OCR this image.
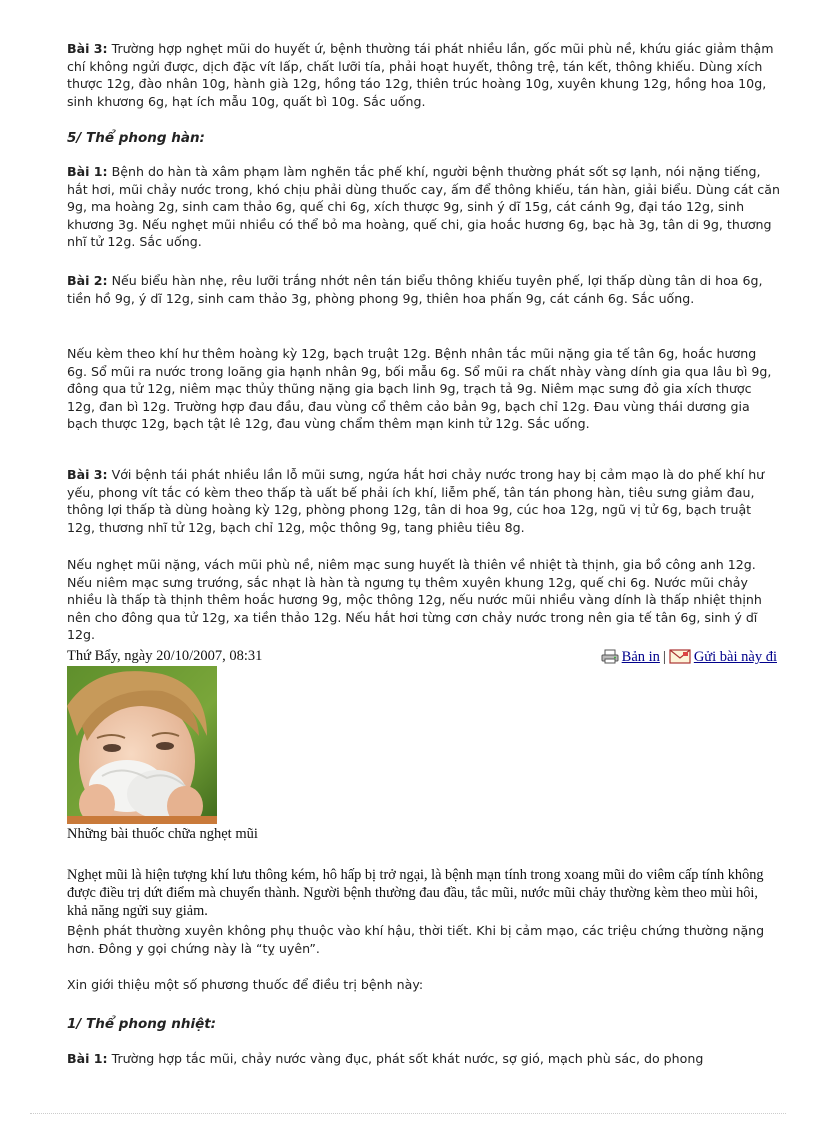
Bài 3: Trường hợp nghẹt mũi do huyết ứ, bệnh thường tái phát nhiều lần, gốc mũi phù nề, khứu giác giảm thậm chí không ngửi được, dịch đặc vít lấp, chất lưỡi tía, phải hoạt huyết, thông trệ, tán kết, thông khiếu. Dùng xích thược 12g, đào nhân 10g, hành già 12g, hồng táo 12g, thiên trúc hoàng 10g, xuyên khung 12g, hồng hoa 10g, sinh khương 6g, hạt ích mẫu 10g, quất bì 10g. Sắc uống.

5/ Thể phong hàn:

Bài 1: Bệnh do hàn tà xâm phạm làm nghẽn tắc phế khí, người bệnh thường phát sốt sợ lạnh, nói nặng tiếng, hắt hơi, mũi chảy nước trong, khó chịu phải dùng thuốc cay, ấm để thông khiếu, tán hàn, giải biểu. Dùng cát căn 9g, ma hoàng 2g, sinh cam thảo 6g, quế chi 6g, xích thược 9g, sinh ý dĩ 15g, cát cánh 9g, đại táo 12g, sinh khương 3g. Nếu nghẹt mũi nhiều có thể bỏ ma hoàng, quế chi, gia hoắc hương 6g, bạc hà 3g, tân di 9g, thương nhĩ tử 12g. Sắc uống.

Bài 2: Nếu biểu hàn nhẹ, rêu lưỡi trắng nhớt nên tán biểu thông khiếu tuyên phế, lợi thấp dùng tân di hoa 6g, tiền hồ 9g, ý dĩ 12g, sinh cam thảo 3g, phòng phong 9g, thiên hoa phấn 9g, cát cánh 6g. Sắc uống.

Nếu kèm theo khí hư thêm hoàng kỳ 12g, bạch truật 12g. Bệnh nhân tắc mũi nặng gia tế tân 6g, hoắc hương 6g. Sổ mũi ra nước trong loãng gia hạnh nhân 9g, bối mẫu 6g. Sổ mũi ra chất nhày vàng dính gia qua lâu bì 9g, đông qua tử 12g, niêm mạc thủy thũng nặng gia bạch linh 9g, trạch tả 9g. Niêm mạc sưng đỏ gia xích thược 12g, đan bì 12g. Trường hợp đau đầu, đau vùng cổ thêm cảo bản 9g, bạch chỉ 12g. Đau vùng thái dương gia bạch thược 12g, bạch tật lê 12g, đau vùng chẩm thêm mạn kinh tử 12g. Sắc uống.

Bài 3: Với bệnh tái phát nhiều lần lỗ mũi sưng, ngứa hắt hơi chảy nước trong hay bị cảm mạo là do phế khí hư yếu, phong vít tắc có kèm theo thấp tà uất bế phải ích khí, liễm phế, tân tán phong hàn, tiêu sưng giảm đau, thông lợi thấp tà dùng hoàng kỳ 12g, phòng phong 12g, tân di hoa 9g, cúc hoa 12g, ngũ vị tử 6g, bạch truật 12g, thương nhĩ tử 12g, bạch chỉ 12g, mộc thông 9g, tang phiêu tiêu 8g.

Nếu nghẹt mũi nặng, vách mũi phù nề, niêm mạc sung huyết là thiên về nhiệt tà thịnh, gia bồ công anh 12g. Nếu niêm mạc sưng trướng, sắc nhạt là hàn tà ngưng tụ thêm xuyên khung 12g, quế chi 6g. Nước mũi chảy nhiều là thấp tà thịnh thêm hoắc hương 9g, mộc thông 12g, nếu nước mũi nhiều vàng dính là thấp nhiệt thịnh nên cho đông qua tử 12g, xa tiền thảo 12g. Nếu hắt hơi từng cơn chảy nước trong nên gia tế tân 6g, sinh ý dĩ 12g.

Thứ Bẩy, ngày 20/10/2007, 08:31	Bản in | Gửi bài này đi
Những bài thuốc chữa nghẹt mũi
Nghẹt mũi là hiện tượng khí lưu thông kém, hô hấp bị trở ngại, là bệnh mạn tính trong xoang mũi do viêm cấp tính không được điều trị dứt điểm mà chuyển thành. Người bệnh thường đau đầu, tắc mũi, nước mũi chảy thường kèm theo mùi hôi, khả năng ngửi suy giảm.

Bệnh phát thường xuyên không phụ thuộc vào khí hậu, thời tiết. Khi bị cảm mạo, các triệu chứng thường nặng hơn. Đông y gọi chứng này là “tỵ uyên”.

Xin giới thiệu một số phương thuốc để điều trị bệnh này:

1/ Thể phong nhiệt:

Bài 1: Trường hợp tắc mũi, chảy nước vàng đục, phát sốt khát nước, sợ gió, mạch phù sác, do phong
